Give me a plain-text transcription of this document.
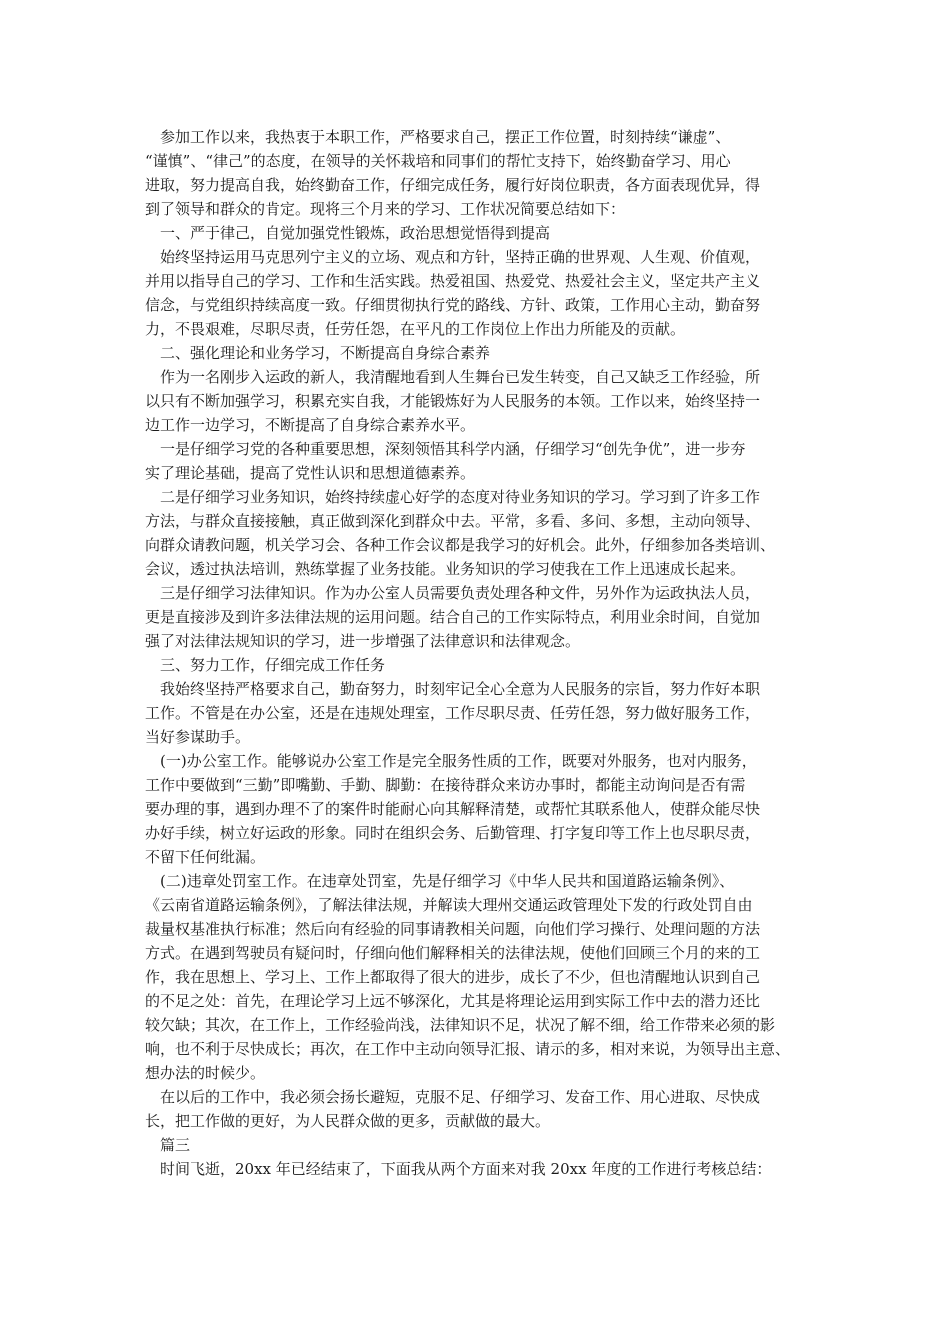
　参加工作以来，我热衷于本职工作，严格要求自己，摆正工作位置，时刻持续“谦虚”、
“谨慎”、“律己”的态度，在领导的关怀栽培和同事们的帮忙支持下，始终勤奋学习、用心
进取，努力提高自我，始终勤奋工作，仔细完成任务，履行好岗位职责，各方面表现优异，得
到了领导和群众的肯定。现将三个月来的学习、工作状况简要总结如下：
　一、严于律己，自觉加强党性锻炼，政治思想觉悟得到提高
　始终坚持运用马克思列宁主义的立场、观点和方针，坚持正确的世界观、人生观、价值观，
并用以指导自己的学习、工作和生活实践。热爱祖国、热爱党、热爱社会主义，坚定共产主义
信念，与党组织持续高度一致。仔细贯彻执行党的路线、方针、政策，工作用心主动，勤奋努
力，不畏艰难，尽职尽责，任劳任怨，在平凡的工作岗位上作出力所能及的贡献。
　二、强化理论和业务学习，不断提高自身综合素养
　作为一名刚步入运政的新人，我清醒地看到人生舞台已发生转变，自己又缺乏工作经验，所
以只有不断加强学习，积累充实自我，才能锻炼好为人民服务的本领。工作以来，始终坚持一
边工作一边学习，不断提高了自身综合素养水平。
　一是仔细学习党的各种重要思想，深刻领悟其科学内涵，仔细学习“创先争优”，进一步夯
实了理论基础，提高了党性认识和思想道德素养。
　二是仔细学习业务知识，始终持续虚心好学的态度对待业务知识的学习。学习到了许多工作
方法，与群众直接接触，真正做到深化到群众中去。平常，多看、多问、多想，主动向领导、
向群众请教问题，机关学习会、各种工作会议都是我学习的好机会。此外，仔细参加各类培训、
会议，透过执法培训，熟练掌握了业务技能。业务知识的学习使我在工作上迅速成长起来。
　三是仔细学习法律知识。作为办公室人员需要负责处理各种文件，另外作为运政执法人员，
更是直接涉及到许多法律法规的运用问题。结合自己的工作实际特点，利用业余时间，自觉加
强了对法律法规知识的学习，进一步增强了法律意识和法律观念。
　三、努力工作，仔细完成工作任务
　我始终坚持严格要求自己，勤奋努力，时刻牢记全心全意为人民服务的宗旨，努力作好本职
工作。不管是在办公室，还是在违规处理室，工作尽职尽责、任劳任怨，努力做好服务工作，
当好参谋助手。
　(一)办公室工作。能够说办公室工作是完全服务性质的工作，既要对外服务，也对内服务，
工作中要做到“三勤”即嘴勤、手勤、脚勤：在接待群众来访办事时，都能主动询问是否有需
要办理的事，遇到办理不了的案件时能耐心向其解释清楚，或帮忙其联系他人，使群众能尽快
办好手续，树立好运政的形象。同时在组织会务、后勤管理、打字复印等工作上也尽职尽责，
不留下任何纰漏。
　(二)违章处罚室工作。在违章处罚室，先是仔细学习《中华人民共和国道路运输条例》、
《云南省道路运输条例》，了解法律法规，并解读大理州交通运政管理处下发的行政处罚自由
裁量权基准执行标准；然后向有经验的同事请教相关问题，向他们学习操行、处理问题的方法
方式。在遇到驾驶员有疑问时，仔细向他们解释相关的法律法规，使他们回顾三个月的来的工
作，我在思想上、学习上、工作上都取得了很大的进步，成长了不少，但也清醒地认识到自己
的不足之处：首先，在理论学习上远不够深化，尤其是将理论运用到实际工作中去的潜力还比
较欠缺；其次，在工作上，工作经验尚浅，法律知识不足，状况了解不细，给工作带来必须的影
响，也不利于尽快成长；再次，在工作中主动向领导汇报、请示的多，相对来说，为领导出主意、
想办法的时候少。
　在以后的工作中，我必须会扬长避短，克服不足、仔细学习、发奋工作、用心进取、尽快成
长，把工作做的更好，为人民群众做的更多，贡献做的最大。
　篇三
　时间飞逝，20xx 年已经结束了，下面我从两个方面来对我 20xx 年度的工作进行考核总结：
